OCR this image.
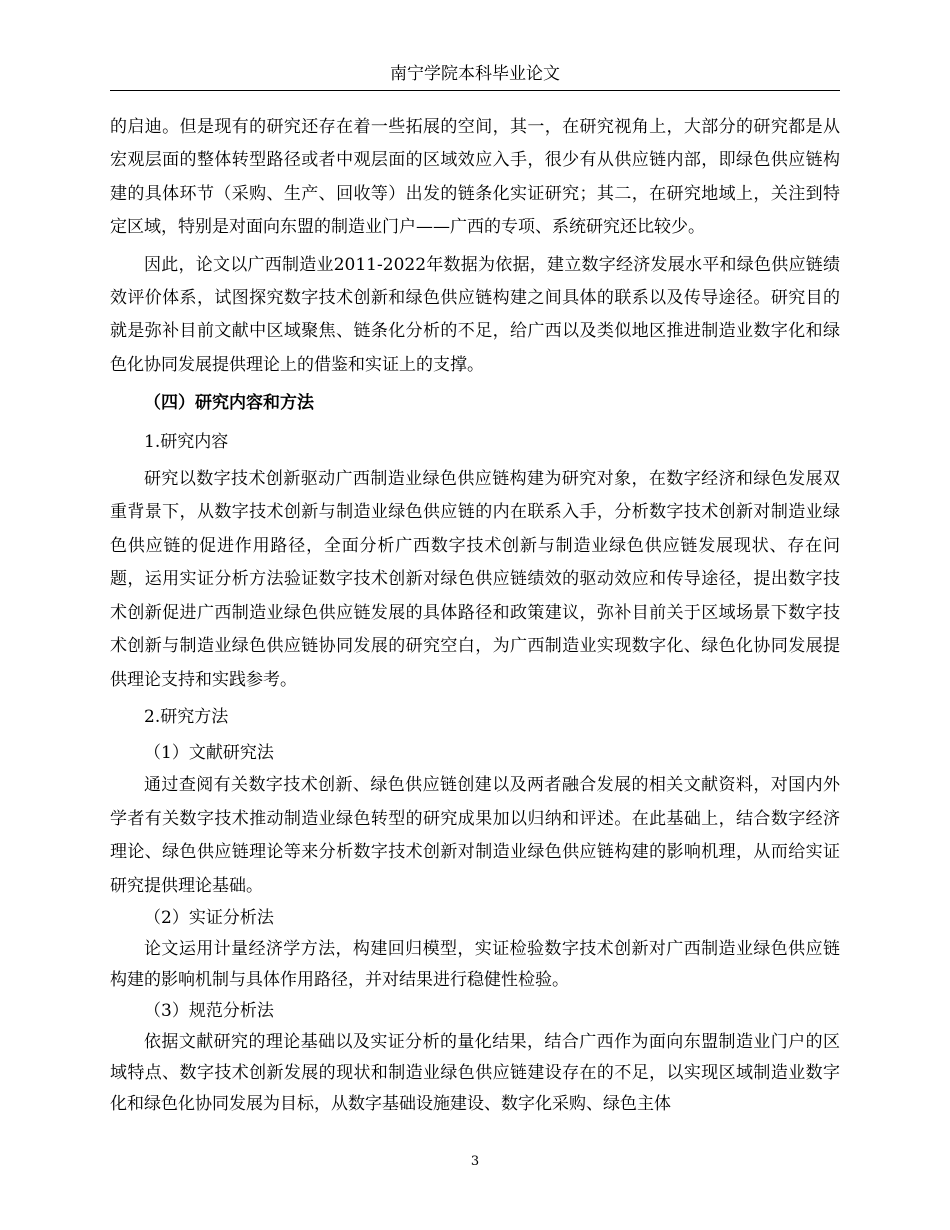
南宁学院本科毕业论文

的启迪。但是现有的研究还存在着一些拓展的空间，其一，在研究视角上，大部分的研究都是从宏观层面的整体转型路径或者中观层面的区域效应入手，很少有从供应链内部，即绿色供应链构建的具体环节（采购、生产、回收等）出发的链条化实证研究；其二，在研究地域上，关注到特定区域，特别是对面向东盟的制造业门户——广西的专项、系统研究还比较少。

因此，论文以广西制造业2011-2022年数据为依据，建立数字经济发展水平和绿色供应链绩效评价体系，试图探究数字技术创新和绿色供应链构建之间具体的联系以及传导途径。研究目的就是弥补目前文献中区域聚焦、链条化分析的不足，给广西以及类似地区推进制造业数字化和绿色化协同发展提供理论上的借鉴和实证上的支撑。

（四）研究内容和方法

1.研究内容

研究以数字技术创新驱动广西制造业绿色供应链构建为研究对象，在数字经济和绿色发展双重背景下，从数字技术创新与制造业绿色供应链的内在联系入手，分析数字技术创新对制造业绿色供应链的促进作用路径，全面分析广西数字技术创新与制造业绿色供应链发展现状、存在问题，运用实证分析方法验证数字技术创新对绿色供应链绩效的驱动效应和传导途径，提出数字技术创新促进广西制造业绿色供应链发展的具体路径和政策建议，弥补目前关于区域场景下数字技术创新与制造业绿色供应链协同发展的研究空白，为广西制造业实现数字化、绿色化协同发展提供理论支持和实践参考。

2.研究方法

（1）文献研究法

通过查阅有关数字技术创新、绿色供应链创建以及两者融合发展的相关文献资料，对国内外学者有关数字技术推动制造业绿色转型的研究成果加以归纳和评述。在此基础上，结合数字经济理论、绿色供应链理论等来分析数字技术创新对制造业绿色供应链构建的影响机理，从而给实证研究提供理论基础。

（2）实证分析法

论文运用计量经济学方法，构建回归模型，实证检验数字技术创新对广西制造业绿色供应链构建的影响机制与具体作用路径，并对结果进行稳健性检验。

（3）规范分析法

依据文献研究的理论基础以及实证分析的量化结果，结合广西作为面向东盟制造业门户的区域特点、数字技术创新发展的现状和制造业绿色供应链建设存在的不足，以实现区域制造业数字化和绿色化协同发展为目标，从数字基础设施建设、数字化采购、绿色主体

3
